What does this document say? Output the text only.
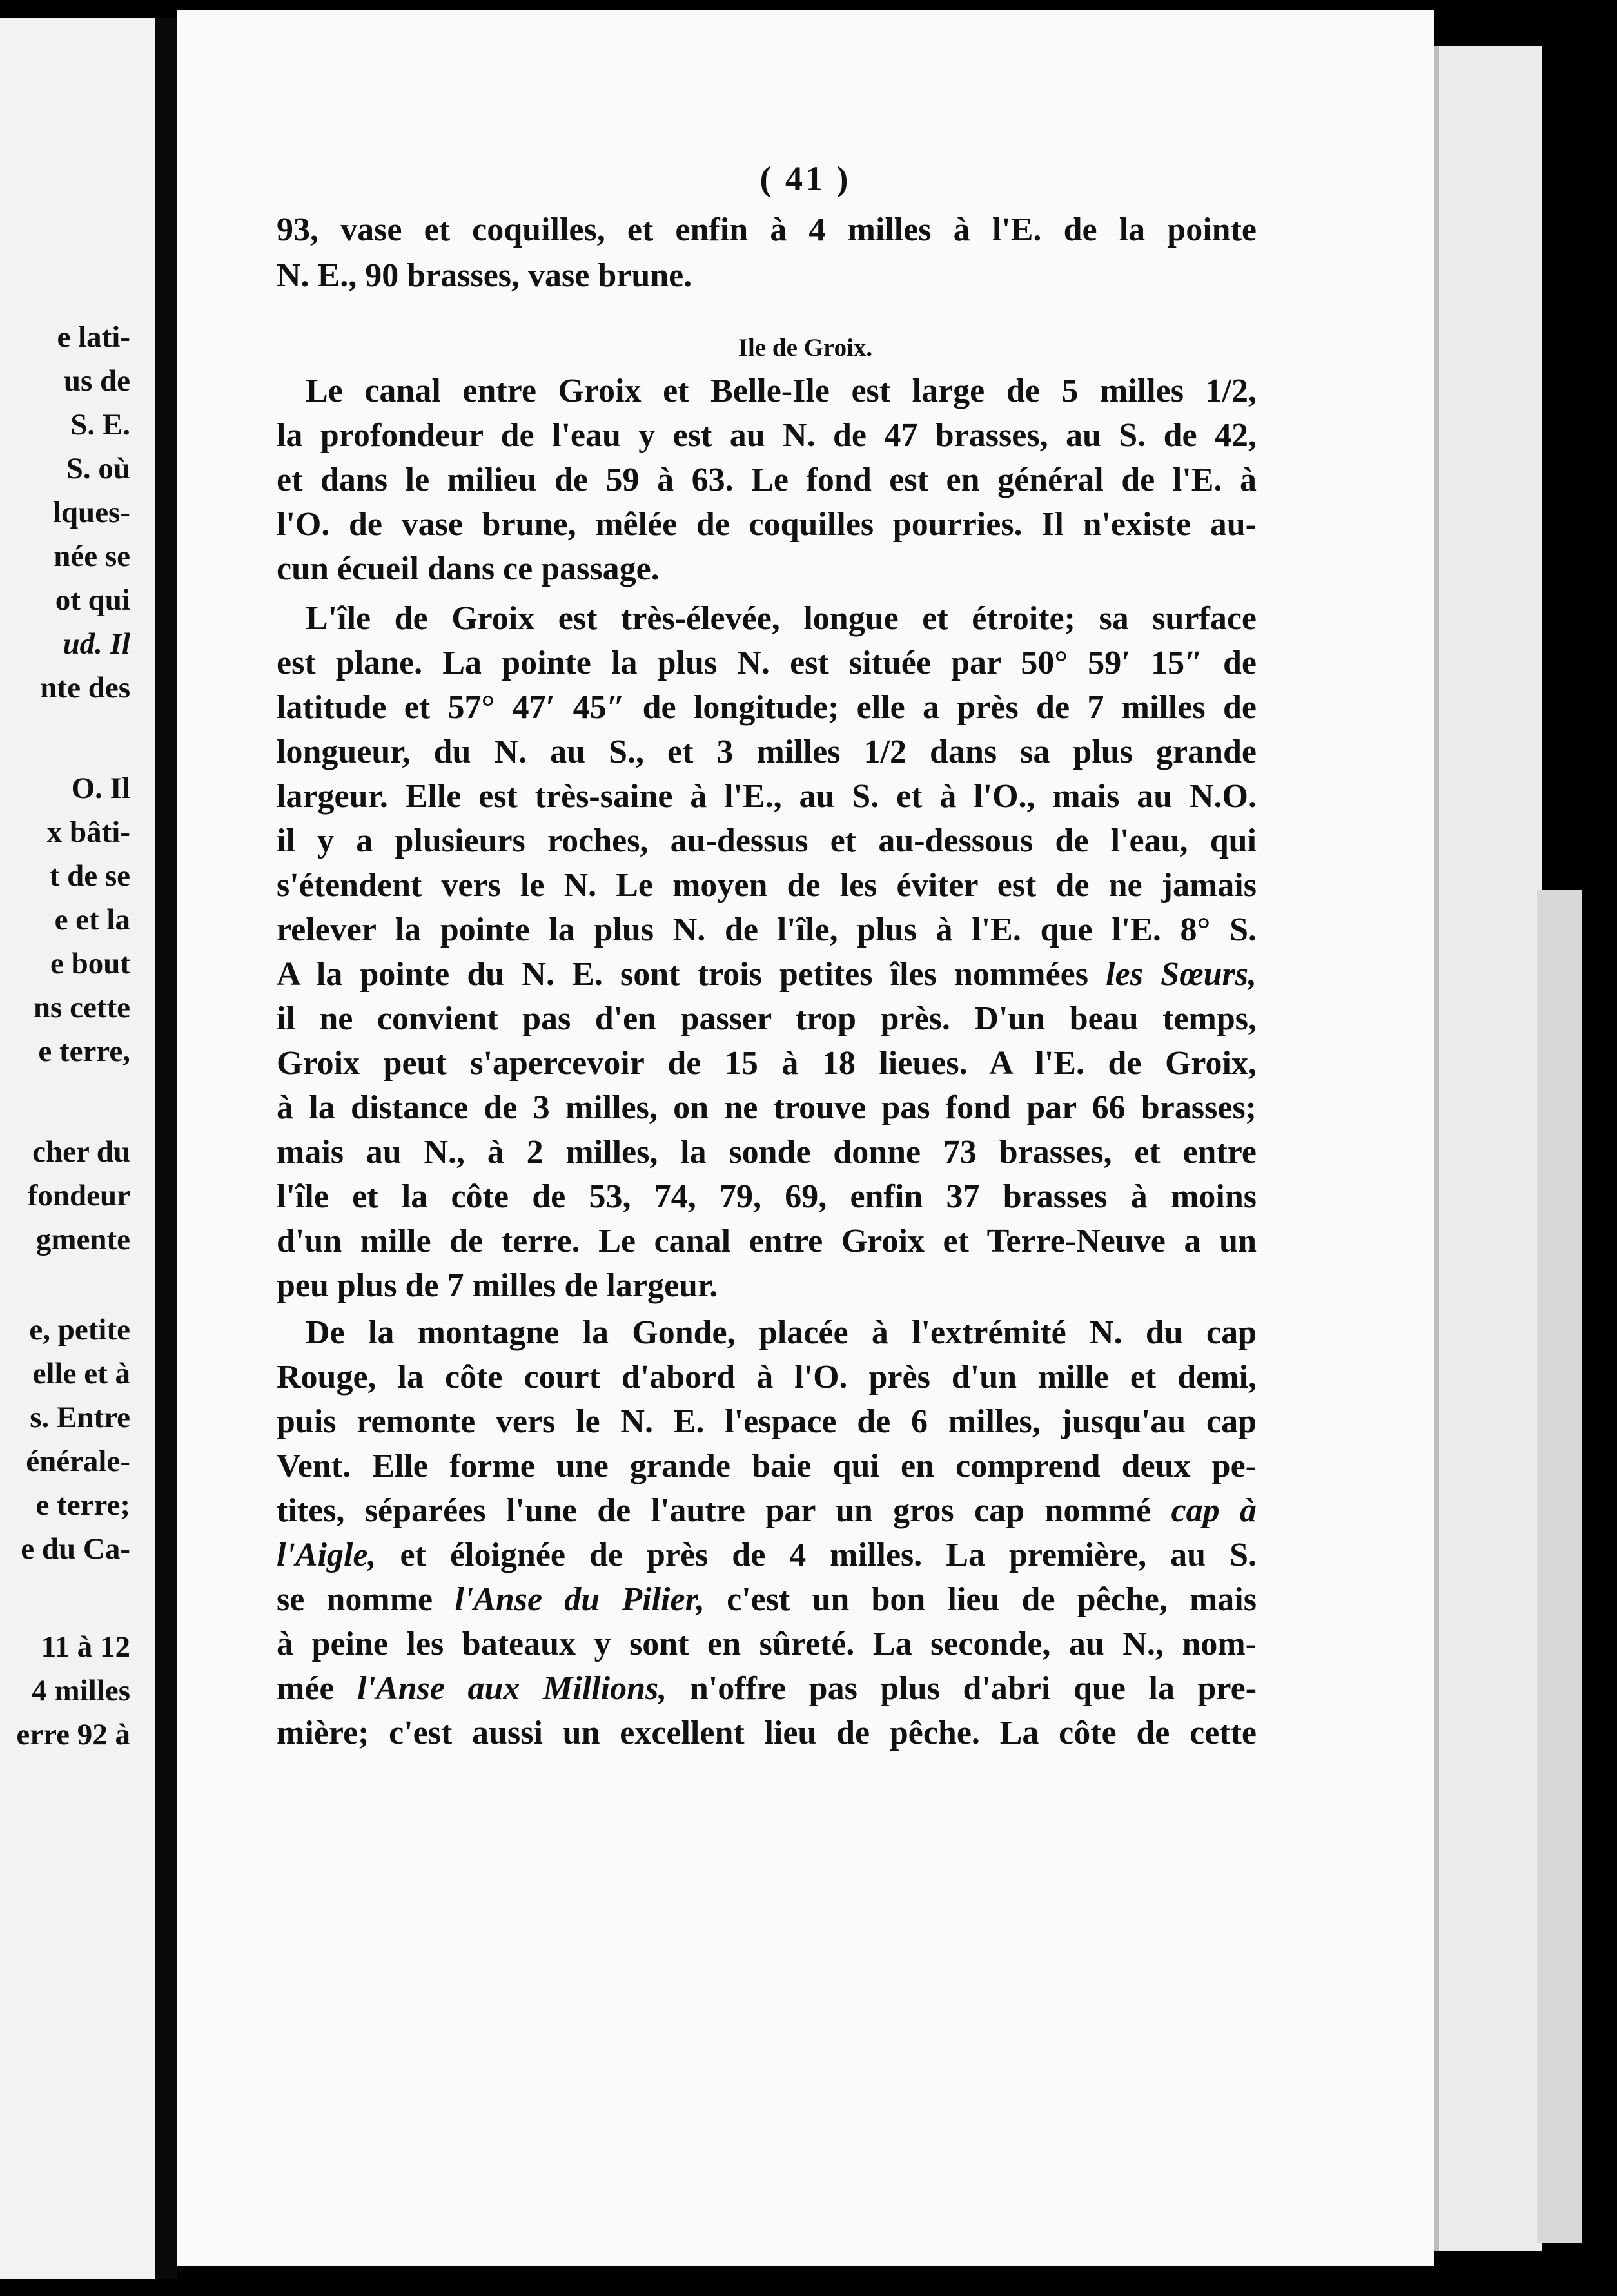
e lati-
us de
S. E.
S. où
lques-
née se
ot qui
ud. Il
nte des
O. Il
x bâti-
t de se
e et la
e bout
ns cette
e terre,
cher du
fondeur
gmente
e, petite
elle et à
s. Entre
énérale-
e terre;
e du Ca-
11 à 12
4 milles
erre 92 à
( 41 )
93, vase et coquilles, et enfin à 4 milles à l'E. de la pointe
N. E., 90 brasses, vase brune.
Ile de Groix.
Le canal entre Groix et Belle-Ile est large de 5 milles 1/2,
la profondeur de l'eau y est au N. de 47 brasses, au S. de 42,
et dans le milieu de 59 à 63. Le fond est en général de l'E. à
l'O. de vase brune, mêlée de coquilles pourries. Il n'existe au-
cun écueil dans ce passage.
L'île de Groix est très-élevée, longue et étroite; sa surface
est plane. La pointe la plus N. est située par 50° 59′ 15″ de
latitude et 57° 47′ 45″ de longitude; elle a près de 7 milles de
longueur, du N. au S., et 3 milles 1/2 dans sa plus grande
largeur. Elle est très-saine à l'E., au S. et à l'O., mais au N.O.
il y a plusieurs roches, au-dessus et au-dessous de l'eau, qui
s'étendent vers le N. Le moyen de les éviter est de ne jamais
relever la pointe la plus N. de l'île, plus à l'E. que l'E. 8° S.
A la pointe du N. E. sont trois petites îles nommées les Sœurs,
il ne convient pas d'en passer trop près. D'un beau temps,
Groix peut s'apercevoir de 15 à 18 lieues. A l'E. de Groix,
à la distance de 3 milles, on ne trouve pas fond par 66 brasses;
mais au N., à 2 milles, la sonde donne 73 brasses, et entre
l'île et la côte de 53, 74, 79, 69, enfin 37 brasses à moins
d'un mille de terre. Le canal entre Groix et Terre-Neuve a un
peu plus de 7 milles de largeur.
De la montagne la Gonde, placée à l'extrémité N. du cap
Rouge, la côte court d'abord à l'O. près d'un mille et demi,
puis remonte vers le N. E. l'espace de 6 milles, jusqu'au cap
Vent. Elle forme une grande baie qui en comprend deux pe-
tites, séparées l'une de l'autre par un gros cap nommé cap à
l'Aigle, et éloignée de près de 4 milles. La première, au S.
se nomme l'Anse du Pilier, c'est un bon lieu de pêche, mais
à peine les bateaux y sont en sûreté. La seconde, au N., nom-
mée l'Anse aux Millions, n'offre pas plus d'abri que la pre-
mière; c'est aussi un excellent lieu de pêche. La côte de cette
